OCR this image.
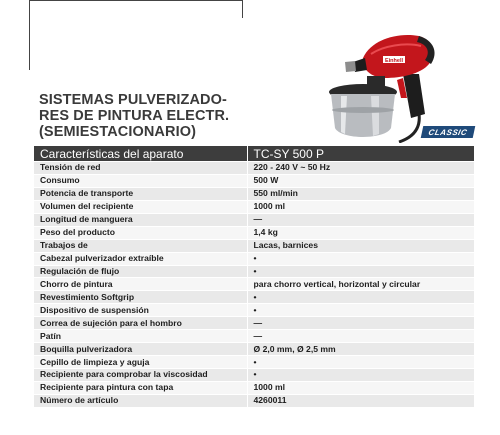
SISTEMAS PULVERIZADO-
RES DE PINTURA ELECTR.
(SEMIESTACIONARIO)
Einhell
CLASSIC
Características del aparato	TC-SY 500 P
Tensión de red	220 - 240 V ~ 50 Hz
Consumo	500 W
Potencia de transporte	550 ml/min
Volumen del recipiente	1000 ml
Longitud de manguera	—
Peso del producto	1,4 kg
Trabajos de	Lacas, barnices
Cabezal pulverizador extraíble	•
Regulación de flujo	•
Chorro de pintura	para chorro vertical, horizontal y circular
Revestimiento Softgrip	•
Dispositivo de suspensión	•
Correa de sujeción para el hombro	—
Patín	—
Boquilla pulverizadora	Ø 2,0 mm, Ø 2,5 mm
Cepillo de limpieza y aguja	•
Recipiente para comprobar la viscosidad	•
Recipiente para pintura con tapa	1000 ml
Número de artículo	4260011
